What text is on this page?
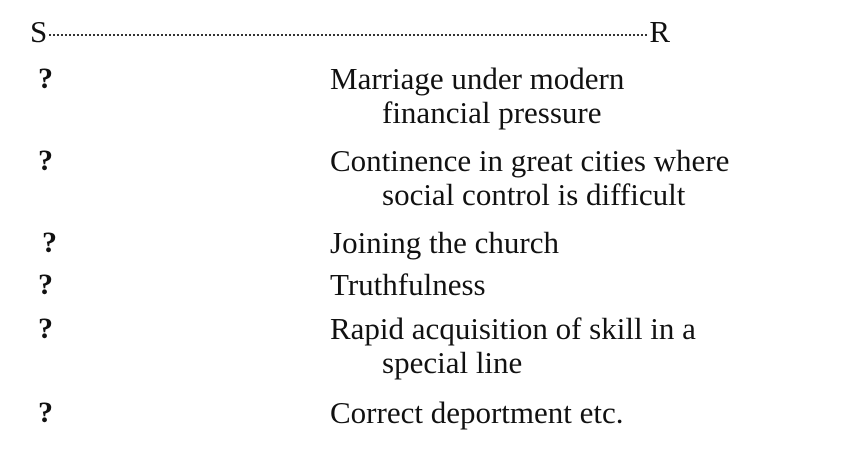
S	R
?	Marriage under modern
financial pressure
?	Continence in great cities where
social control is difficult
?	Joining the church
?	Truthfulness
?	Rapid acquisition of skill in a
special line
?	Correct deportment etc.
